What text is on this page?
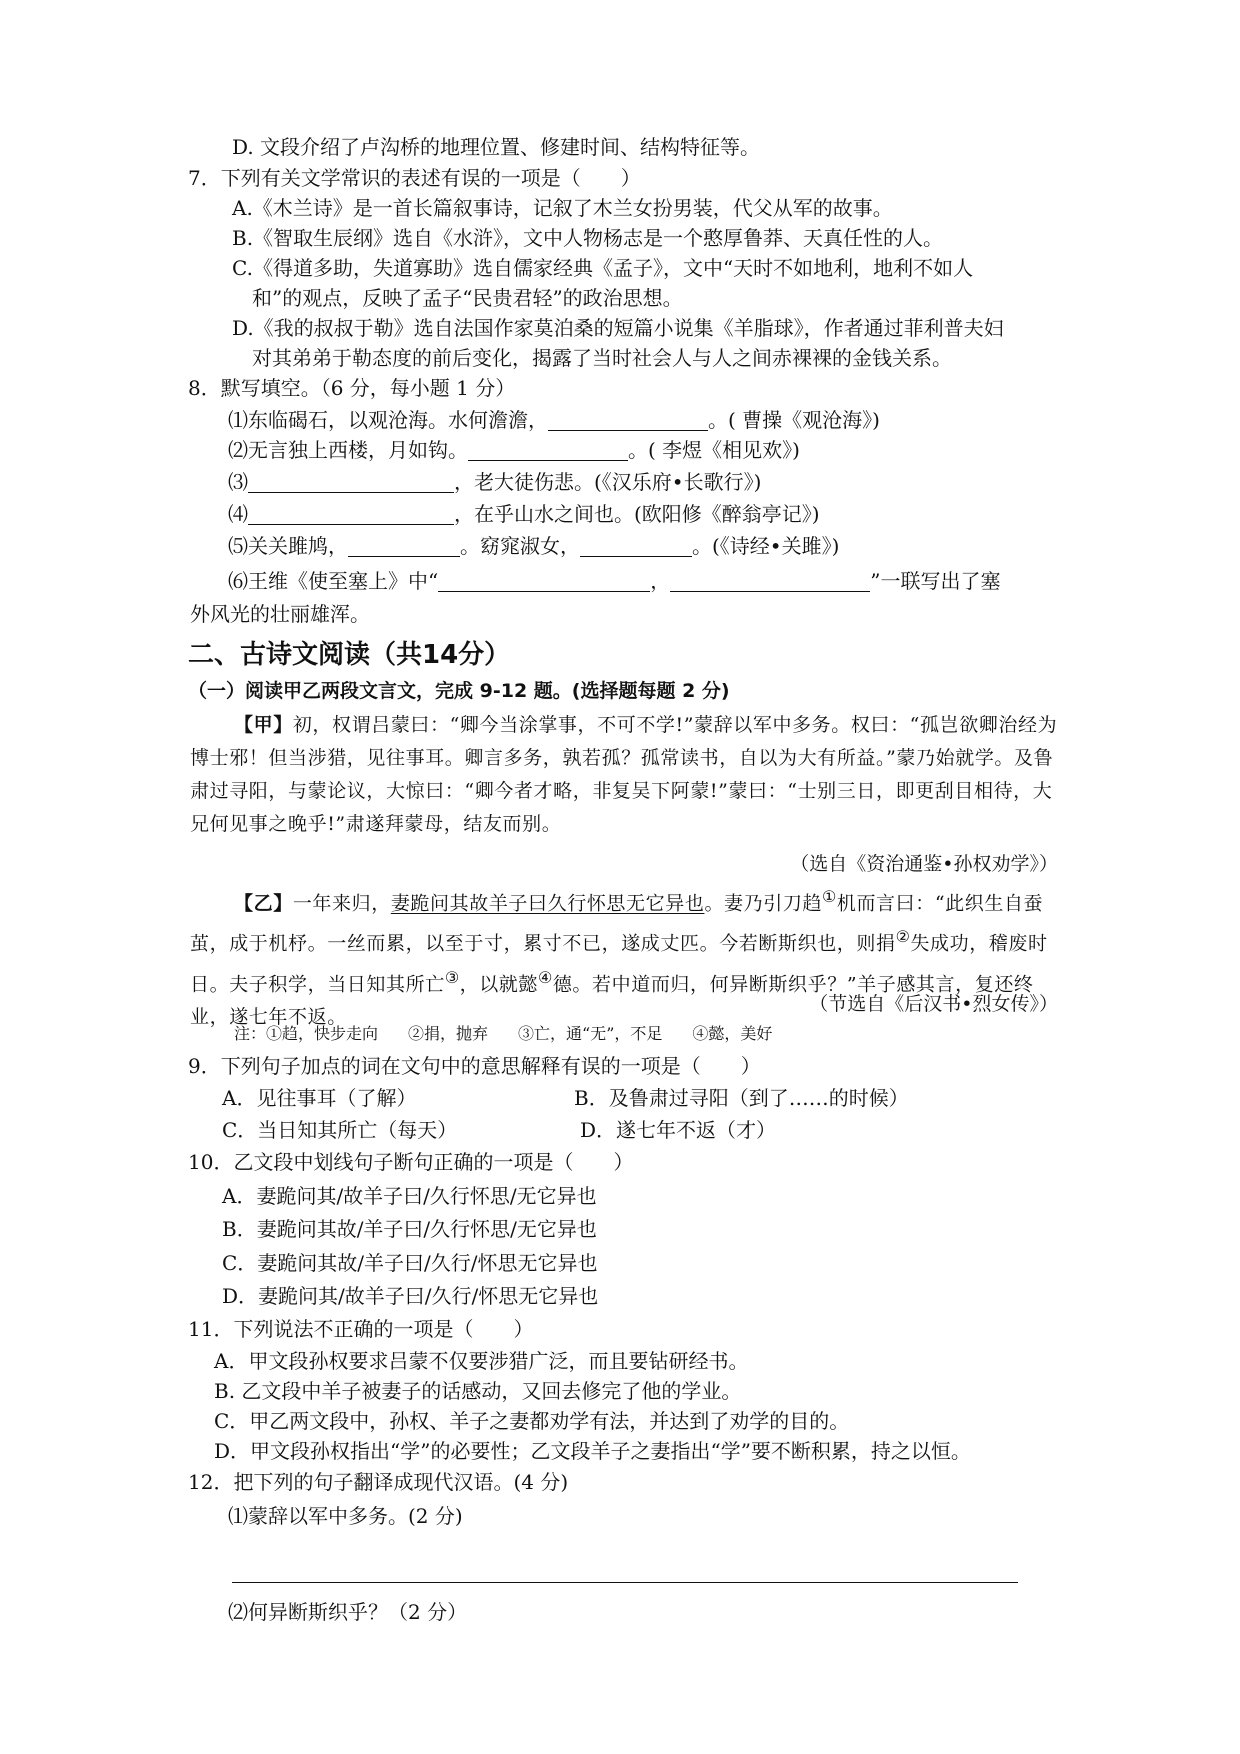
D. 文段介绍了卢沟桥的地理位置、修建时间、结构特征等。
7．下列有关文学常识的表述有误的一项是（　　）
A.《木兰诗》是一首长篇叙事诗，记叙了木兰女扮男装，代父从军的故事。
B.《智取生辰纲》选自《水浒》，文中人物杨志是一个憨厚鲁莽、天真任性的人。
C.《得道多助，失道寡助》选自儒家经典《孟子》，文中“天时不如地利，地利不如人
和”的观点，反映了孟子“民贵君轻”的政治思想。
D.《我的叔叔于勒》选自法国作家莫泊桑的短篇小说集《羊脂球》，作者通过菲利普夫妇
对其弟弟于勒态度的前后变化，揭露了当时社会人与人之间赤裸裸的金钱关系。
8．默写填空。（6 分，每小题 1 分）
⑴东临碣石，以观沧海。水何澹澹，	。( 曹操《观沧海》)
⑵无言独上西楼，月如钩。	。( 李煜《相见欢》)
⑶	，老大徒伤悲。(《汉乐府•长歌行》)
⑷	，在乎山水之间也。(欧阳修《醉翁亭记》)
⑸关关雎鸠，	。窈窕淑女，	。(《诗经•关雎》)
⑹王维《使至塞上》中“	，	”一联写出了塞
外风光的壮丽雄浑。
二、古诗文阅读（共14分）
（一）阅读甲乙两段文言文，完成 9-12 题。(选择题每题 2 分)
【甲】初，权谓吕蒙曰：“卿今当涂掌事，不可不学!”蒙辞以军中多务。权曰：“孤岂欲卿治经为博士邪！但当涉猎，见往事耳。卿言多务，孰若孤？孤常读书，自以为大有所益。”蒙乃始就学。及鲁肃过寻阳，与蒙论议，大惊曰：“卿今者才略，非复吴下阿蒙!”蒙曰：“士别三日，即更刮目相待，大兄何见事之晚乎!”肃遂拜蒙母，结友而别。
（选自《资治通鉴•孙权劝学》）
【乙】一年来归，妻跪问其故羊子曰久行怀思无它异也。妻乃引刀趋①机而言曰：“此织生自蚕茧，成于机杼。一丝而累，以至于寸，累寸不已，遂成丈匹。今若断斯织也，则捐②失成功，稽废时日。夫子积学，当日知其所亡③，以就懿④德。若中道而归，何异断斯织乎？”羊子感其言，复还终业，遂七年不返。
（节选自《后汉书•烈女传》）
注：①趋，快步走向 ②捐，抛弃 ③亡，通“无”，不足 ④懿，美好
9．下列句子加点的词在文句中的意思解释有误的一项是（　　）
A．见往事耳（了解）	B．及鲁肃过寻阳（到了……的时候）
C．当日知其所亡（每天）	D．遂七年不返（才）
10．乙文段中划线句子断句正确的一项是（　　）
A．妻跪问其/故羊子曰/久行怀思/无它异也
B．妻跪问其故/羊子曰/久行怀思/无它异也
C．妻跪问其故/羊子曰/久行/怀思无它异也
D．妻跪问其/故羊子曰/久行/怀思无它异也
11．下列说法不正确的一项是（　　）
A．甲文段孙权要求吕蒙不仅要涉猎广泛，而且要钻研经书。
B. 乙文段中羊子被妻子的话感动，又回去修完了他的学业。
C．甲乙两文段中，孙权、羊子之妻都劝学有法，并达到了劝学的目的。
D．甲文段孙权指出“学”的必要性；乙文段羊子之妻指出“学”要不断积累，持之以恒。
12．把下列的句子翻译成现代汉语。(4 分)
⑴蒙辞以军中多务。(2 分)
⑵何异断斯织乎？（2 分）
